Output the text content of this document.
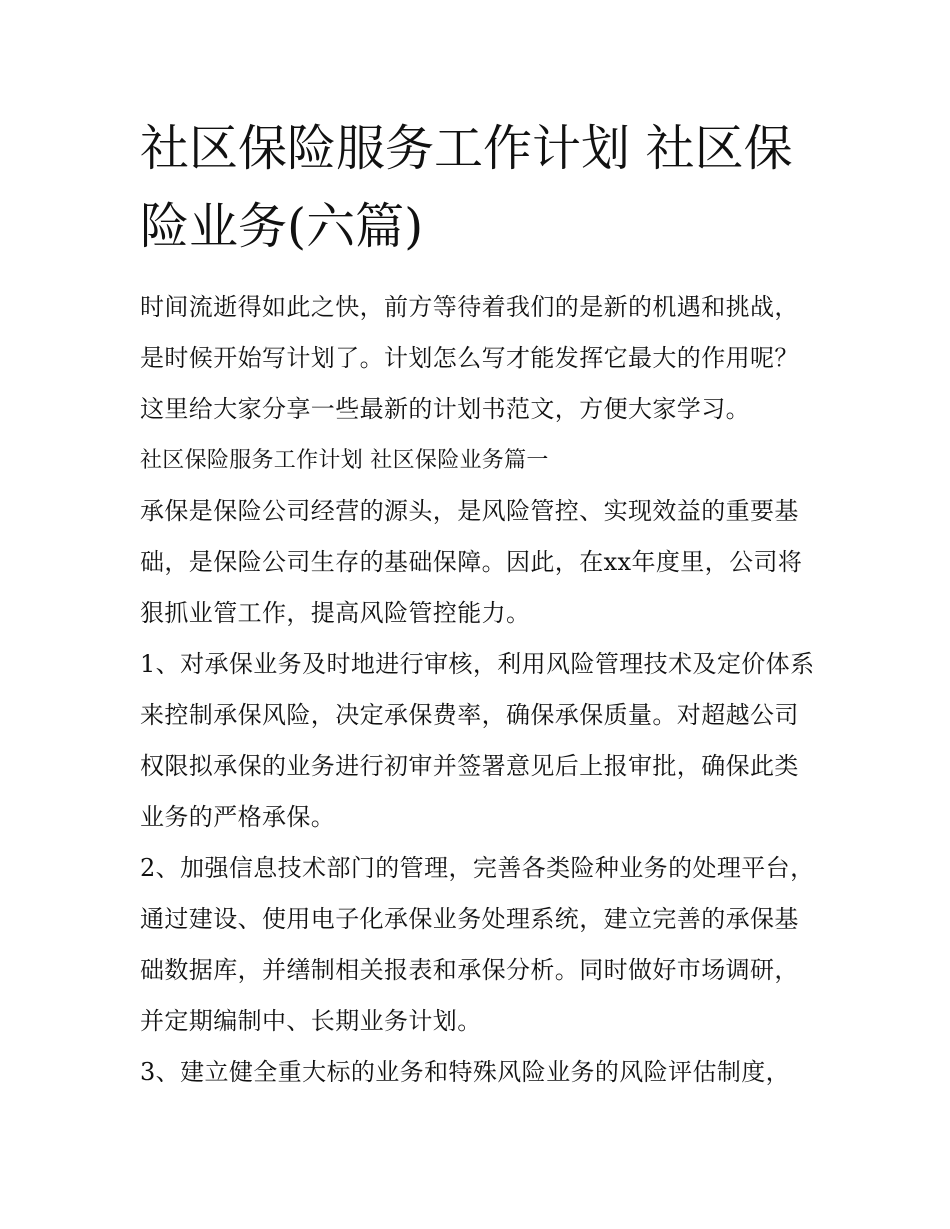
社区保险服务工作计划 社区保险业务(六篇)

时间流逝得如此之快，前方等待着我们的是新的机遇和挑战，是时候开始写计划了。计划怎么写才能发挥它最大的作用呢？这里给大家分享一些最新的计划书范文，方便大家学习。

社区保险服务工作计划 社区保险业务篇一

承保是保险公司经营的源头，是风险管控、实现效益的重要基础，是保险公司生存的基础保障。因此，在xx年度里，公司将狠抓业管工作，提高风险管控能力。

1、对承保业务及时地进行审核，利用风险管理技术及定价体系来控制承保风险，决定承保费率，确保承保质量。对超越公司权限拟承保的业务进行初审并签署意见后上报审批，确保此类业务的严格承保。

2、加强信息技术部门的管理，完善各类险种业务的处理平台，通过建设、使用电子化承保业务处理系统，建立完善的承保基础数据库，并缮制相关报表和承保分析。同时做好市场调研，并定期编制中、长期业务计划。

3、建立健全重大标的业务和特殊风险业务的风险评估制度，
